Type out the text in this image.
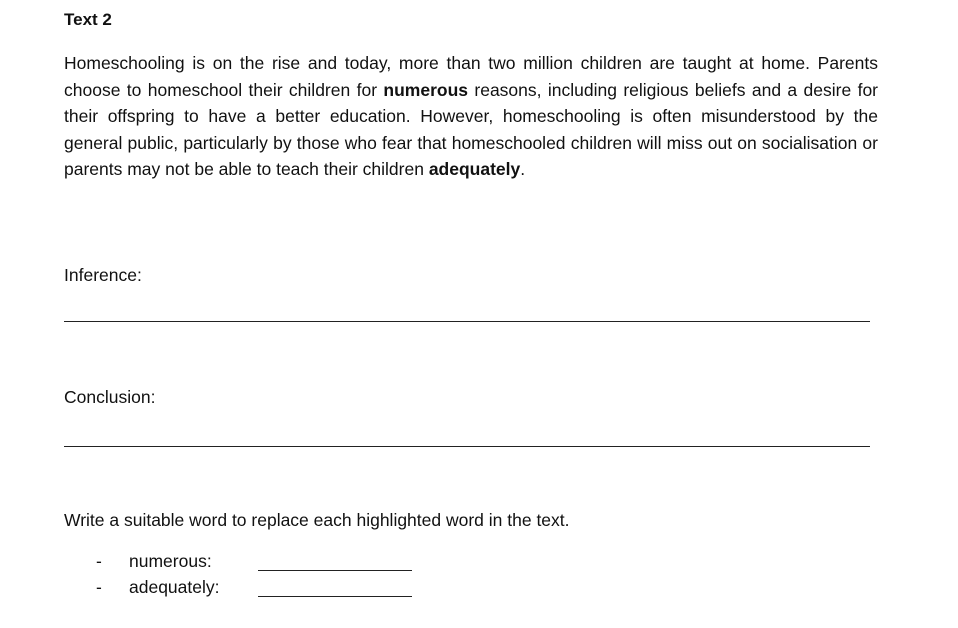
Text 2

Homeschooling is on the rise and today, more than two million children are taught at home. Parents choose to homeschool their children for numerous reasons, including religious beliefs and a desire for their offspring to have a better education. However, homeschooling is often misunderstood by the general public, particularly by those who fear that homeschooled children will miss out on socialisation or parents may not be able to teach their children adequately.

Inference:
Conclusion:
Write a suitable word to replace each highlighted word in the text.
- numerous:
- adequately:
